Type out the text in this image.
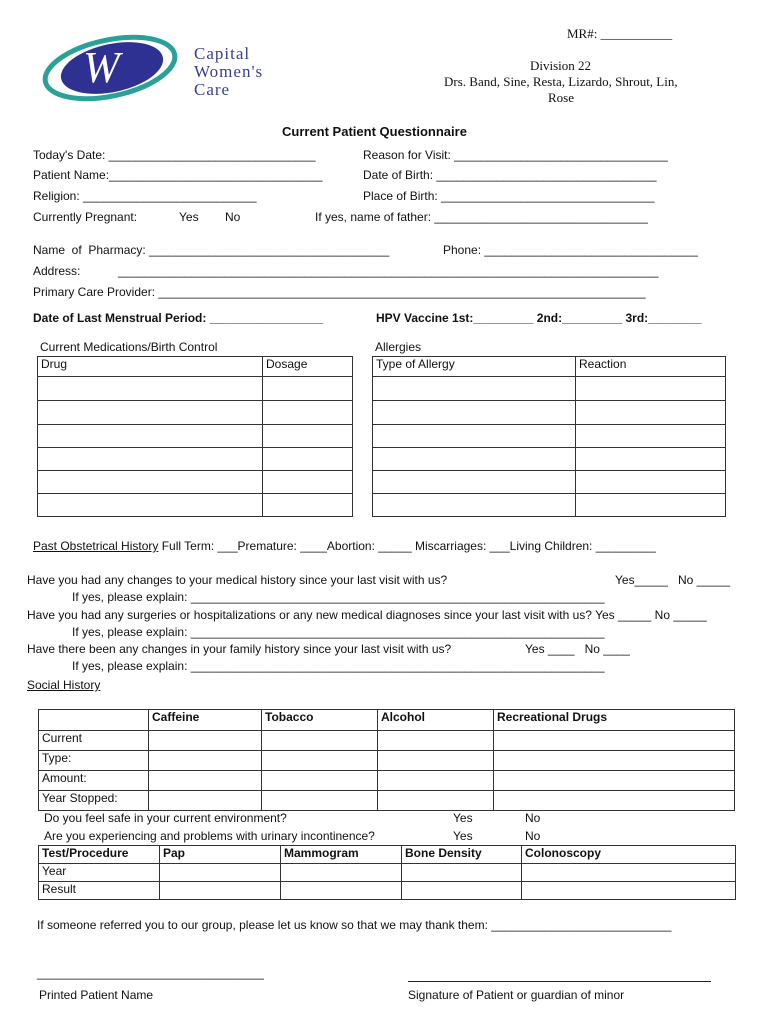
W	Capital
Women's
Care
MR#: ___________
Division 22
Drs. Band, Sine, Resta, Lizardo, Shrout, Lin,
Rose
Current Patient Questionnaire
Today's Date: _______________________________	Reason for Visit: ________________________________
Patient Name:________________________________	Date of Birth: _________________________________
Religion: __________________________	Place of Birth: ________________________________
Currently Pregnant:	Yes No	If yes, name of father: ________________________________
Name  of  Pharmacy: ____________________________________	Phone: ________________________________
Address:	_________________________________________________________________________________
Primary Care Provider: _________________________________________________________________________
Date of Last Menstrual Period: _________________	HPV Vaccine 1st:_________ 2nd:_________ 3rd:________
Current Medications/Birth Control
Drug	Dosage

Allergies
Type of Allergy	Reaction

Past Obstetrical History Full Term: ___Premature: ____Abortion: _____ Miscarriages: ___Living Children: _________
Have you had any changes to your medical history since your last visit with us?	Yes_____   No _____
If yes, please explain: ______________________________________________________________
Have you had any surgeries or hospitalizations or any new medical diagnoses since your last visit with us? Yes _____ No _____
If yes, please explain: ______________________________________________________________
Have there been any changes in your family history since your last visit with us?	Yes ____   No ____
If yes, please explain: ______________________________________________________________
Social History
	Caffeine	Tobacco	Alcohol	Recreational Drugs
Current				
Type:				
Amount:				
Year Stopped:				
Do you feel safe in your current environment?	Yes	No
Are you experiencing and problems with urinary incontinence?	Yes	No
Test/Procedure	Pap	Mammogram	Bone Density	Colonoscopy
Year				
Result				
If someone referred you to our group, please let us know so that we may thank them: ___________________________
__________________________________
Printed Patient Name	Signature of Patient or guardian of minor
